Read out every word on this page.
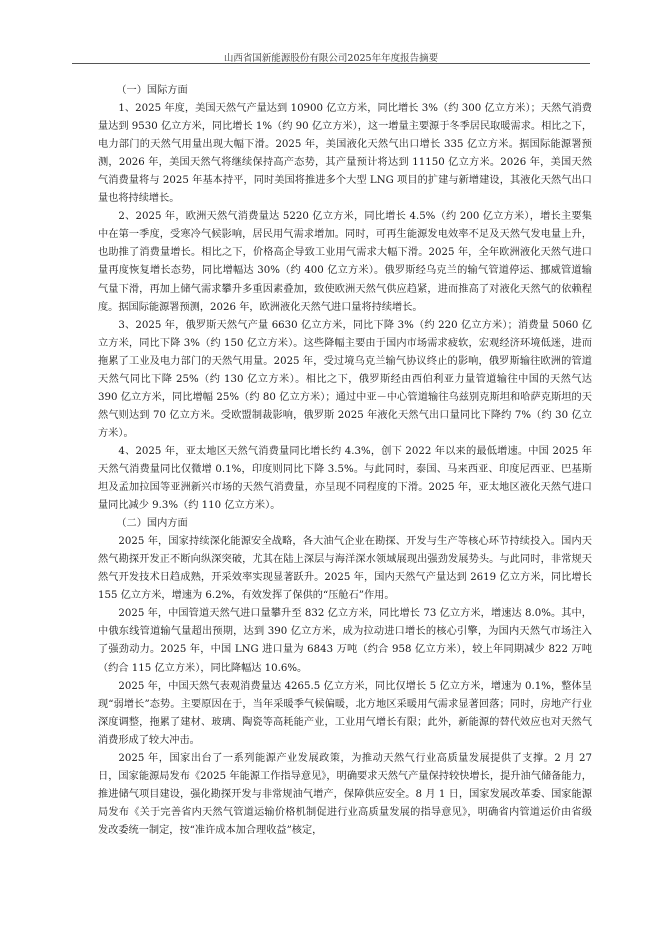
山西省国新能源股份有限公司2025年年度报告摘要

（一）国际方面

1、2025 年度，美国天然气产量达到 10900 亿立方米，同比增长 3%（约 300 亿立方米）；天然气消费量达到 9530 亿立方米，同比增长 1%（约 90 亿立方米），这一增量主要源于冬季居民取暖需求。相比之下，电力部门的天然气用量出现大幅下滑。2025 年，美国液化天然气出口增长 335 亿立方米。据国际能源署预测，2026 年，美国天然气将继续保持高产态势，其产量预计将达到 11150 亿立方米。2026 年，美国天然气消费量将与 2025 年基本持平，同时美国将推进多个大型 LNG 项目的扩建与新增建设，其液化天然气出口量也将持续增长。

2、2025 年，欧洲天然气消费量达 5220 亿立方米，同比增长 4.5%（约 200 亿立方米），增长主要集中在第一季度，受寒冷气候影响，居民用气需求增加。同时，可再生能源发电效率不足及天然气发电量上升，也助推了消费量增长。相比之下，价格高企导致工业用气需求大幅下滑。2025 年，全年欧洲液化天然气进口量再度恢复增长态势，同比增幅达 30%（约 400 亿立方米）。俄罗斯经乌克兰的输气管道停运、挪威管道输气量下滑，再加上储气需求攀升多重因素叠加，致使欧洲天然气供应趋紧，进而推高了对液化天然气的依赖程度。据国际能源署预测，2026 年，欧洲液化天然气进口量将持续增长。

3、2025 年，俄罗斯天然气产量 6630 亿立方米，同比下降 3%（约 220 亿立方米）；消费量 5060 亿立方米，同比下降 3%（约 150 亿立方米）。这些降幅主要由于国内市场需求疲软，宏观经济环境低迷，进而拖累了工业及电力部门的天然气用量。2025 年，受过境乌克兰输气协议终止的影响，俄罗斯输往欧洲的管道天然气同比下降 25%（约 130 亿立方米）。相比之下，俄罗斯经由西伯利亚力量管道输往中国的天然气达 390 亿立方米，同比增幅 25%（约 80 亿立方米）；通过中亚－中心管道输往乌兹别克斯坦和哈萨克斯坦的天然气则达到 70 亿立方米。受欧盟制裁影响，俄罗斯 2025 年液化天然气出口量同比下降约 7%（约 30 亿立方米）。

4、2025 年，亚太地区天然气消费量同比增长约 4.3%，创下 2022 年以来的最低增速。中国 2025 年天然气消费量同比仅微增 0.1%，印度则同比下降 3.5%。与此同时，泰国、马来西亚、印度尼西亚、巴基斯坦及孟加拉国等亚洲新兴市场的天然气消费量，亦呈现不同程度的下滑。2025 年，亚太地区液化天然气进口量同比减少 9.3%（约 110 亿立方米）。

（二）国内方面

2025 年，国家持续深化能源安全战略，各大油气企业在勘探、开发与生产等核心环节持续投入。国内天然气勘探开发正不断向纵深突破，尤其在陆上深层与海洋深水领域展现出强劲发展势头。与此同时，非常规天然气开发技术日趋成熟，开采效率实现显著跃升。2025 年，国内天然气产量达到 2619 亿立方米，同比增长 155 亿立方米，增速为 6.2%，有效发挥了保供的“压舱石”作用。

2025 年，中国管道天然气进口量攀升至 832 亿立方米，同比增长 73 亿立方米，增速达 8.0%。其中，中俄东线管道输气量超出预期，达到 390 亿立方米，成为拉动进口增长的核心引擎，为国内天然气市场注入了强劲动力。2025 年，中国 LNG 进口量为 6843 万吨（约合 958 亿立方米），较上年同期减少 822 万吨（约合 115 亿立方米），同比降幅达 10.6%。

2025 年，中国天然气表观消费量达 4265.5 亿立方米，同比仅增长 5 亿立方米，增速为 0.1%，整体呈现“弱增长”态势。主要原因在于，当年采暖季气候偏暖，北方地区采暖用气需求显著回落；同时，房地产行业深度调整，拖累了建材、玻璃、陶瓷等高耗能产业，工业用气增长有限；此外，新能源的替代效应也对天然气消费形成了较大冲击。

2025 年，国家出台了一系列能源产业发展政策，为推动天然气行业高质量发展提供了支撑。2 月 27 日，国家能源局发布《2025 年能源工作指导意见》，明确要求天然气产量保持较快增长，提升油气储备能力，推进储气项目建设，强化勘探开发与非常规油气增产，保障供应安全。8 月 1 日，国家发展改革委、国家能源局发布《关于完善省内天然气管道运输价格机制促进行业高质量发展的指导意见》，明确省内管道运价由省级发改委统一制定，按“准许成本加合理收益”核定，
